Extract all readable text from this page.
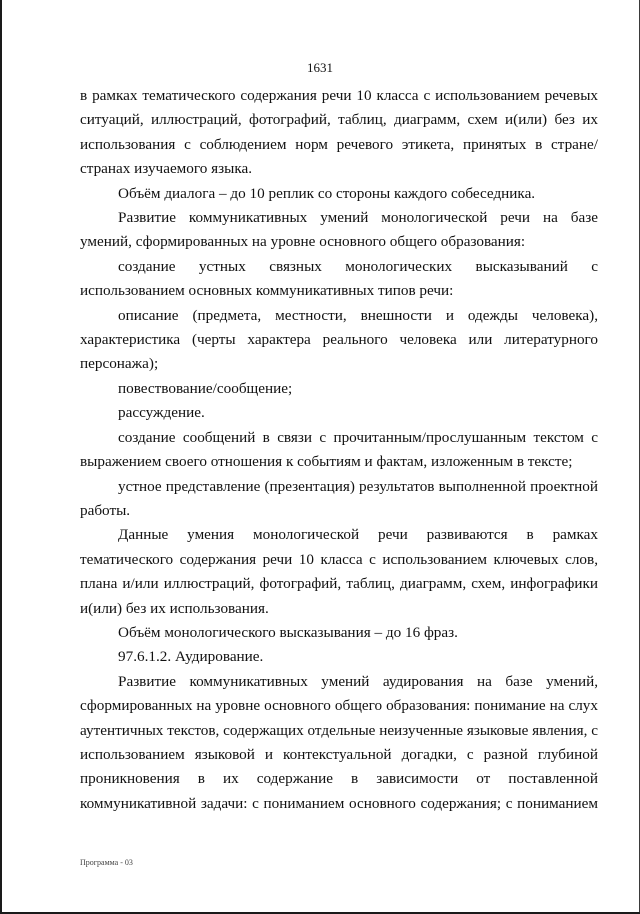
1631

в рамках тематического содержания речи 10 класса с использованием речевых ситуаций, иллюстраций, фотографий, таблиц, диаграмм, схем и(или) без их использования с соблюдением норм речевого этикета, принятых в стране/странах изучаемого языка.

Объём диалога – до 10 реплик со стороны каждого собеседника.

Развитие коммуникативных умений монологической речи на базе умений, сформированных на уровне основного общего образования:

создание устных связных монологических высказываний с использованием основных коммуникативных типов речи:

описание (предмета, местности, внешности и одежды человека), характеристика (черты характера реального человека или литературного персонажа);

повествование/сообщение;

рассуждение.

создание сообщений в связи с прочитанным/прослушанным текстом с выражением своего отношения к событиям и фактам, изложенным в тексте;

устное представление (презентация) результатов выполненной проектной работы.

Данные умения монологической речи развиваются в рамках тематического содержания речи 10 класса с использованием ключевых слов, плана и/или иллюстраций, фотографий, таблиц, диаграмм, схем, инфографики и(или) без их использования.

Объём монологического высказывания – до 16 фраз.

97.6.1.2. Аудирование.

Развитие коммуникативных умений аудирования на базе умений, сформированных на уровне основного общего образования: понимание на слух аутентичных текстов, содержащих отдельные неизученные языковые явления, с использованием языковой и контекстуальной догадки, с разной глубиной проникновения в их содержание в зависимости от поставленной коммуникативной задачи: с пониманием основного содержания; с пониманием

Программа - 03
